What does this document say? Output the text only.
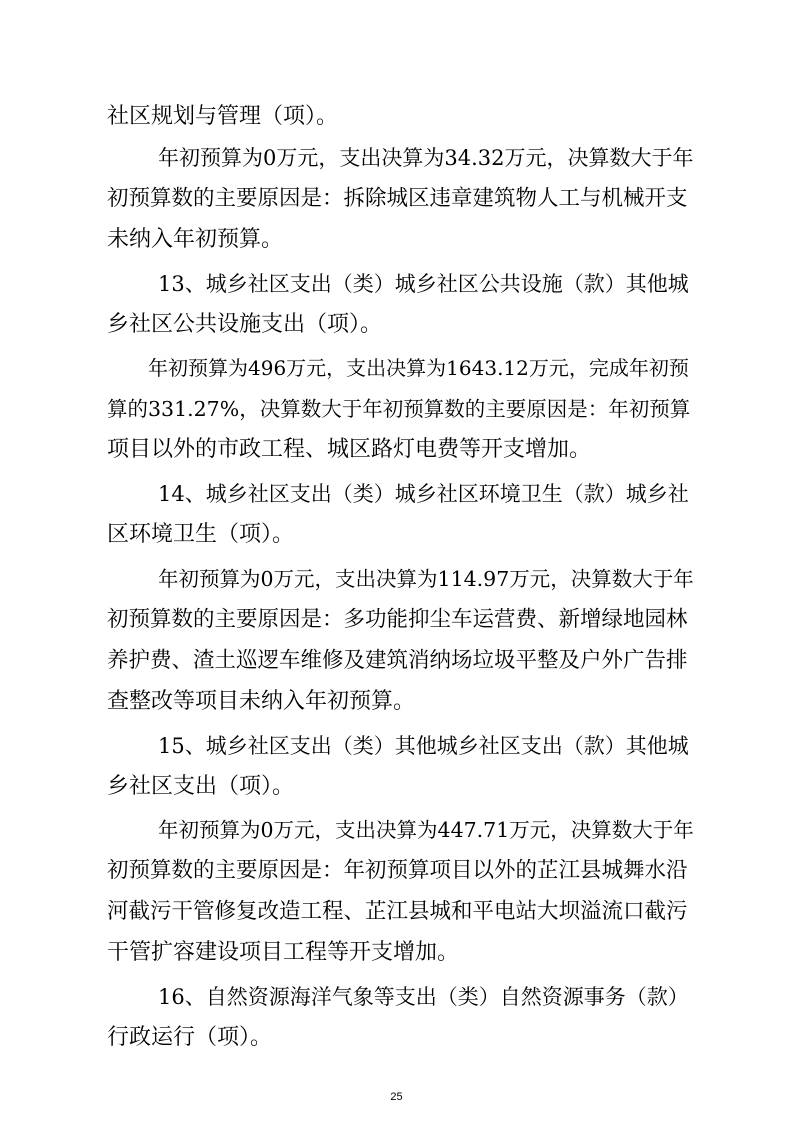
社区规划与管理（项）。
年初预算为0万元，支出决算为34.32万元，决算数大于年
初预算数的主要原因是：拆除城区违章建筑物人工与机械开支
未纳入年初预算。
13、城乡社区支出（类）城乡社区公共设施（款）其他城
乡社区公共设施支出（项）。
年初预算为496万元，支出决算为1643.12万元，完成年初预
算的331.27%，决算数大于年初预算数的主要原因是：年初预算
项目以外的市政工程、城区路灯电费等开支增加。
14、城乡社区支出（类）城乡社区环境卫生（款）城乡社
区环境卫生（项）。
年初预算为0万元，支出决算为114.97万元，决算数大于年
初预算数的主要原因是：多功能抑尘车运营费、新增绿地园林
养护费、渣土巡逻车维修及建筑消纳场垃圾平整及户外广告排
查整改等项目未纳入年初预算。
15、城乡社区支出（类）其他城乡社区支出（款）其他城
乡社区支出（项）。
年初预算为0万元，支出决算为447.71万元，决算数大于年
初预算数的主要原因是：年初预算项目以外的芷江县城舞水沿
河截污干管修复改造工程、芷江县城和平电站大坝溢流口截污
干管扩容建设项目工程等开支增加。
16、自然资源海洋气象等支出（类）自然资源事务（款）
行政运行（项）。
25
